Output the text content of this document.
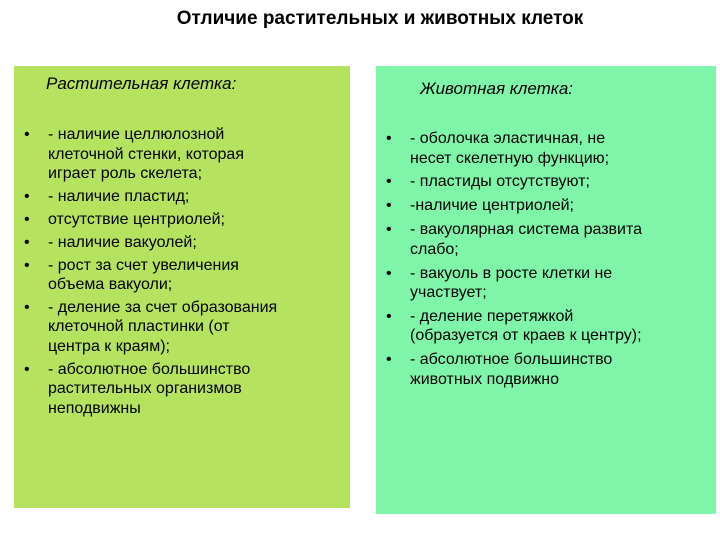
Отличие растительных и животных клеток
Растительная клетка:
• - наличие целлюлозной
клеточной стенки, которая
играет роль скелета;
• - наличие пластид;
• отсутствие центриолей;
• - наличие вакуолей;
• - рост за счет увеличения
объема вакуоли;
• - деление за счет образования
клеточной пластинки (от
центра к краям);
• - абсолютное большинство
растительных организмов
неподвижны
Животная клетка:
• - оболочка эластичная, не
несет скелетную функцию;
• - пластиды отсутствуют;
• -наличие центриолей;
• - вакуолярная система развита
слабо;
• - вакуоль в росте клетки не
участвует;
• - деление перетяжкой
(образуется от краев к центру);
• - абсолютное большинство
животных подвижно
